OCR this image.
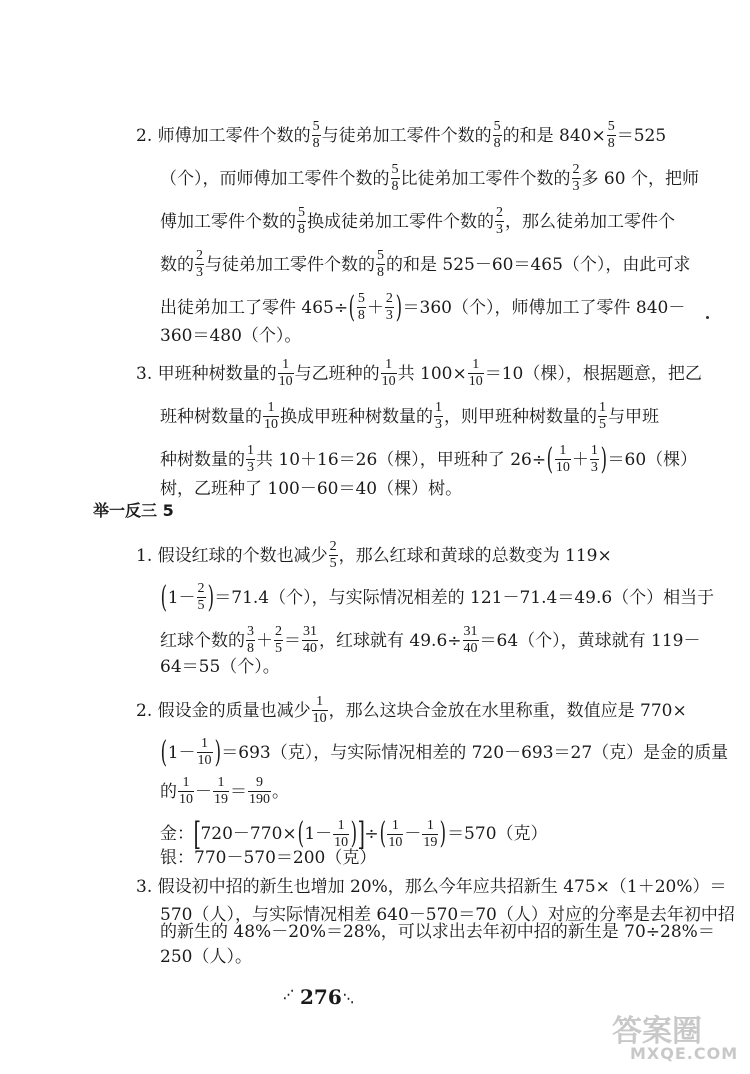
2. 师傅加工零件个数的 $\frac{5}{8}$ 与徒弟加工零件个数的 $\frac{5}{8}$ 的和是 $840\times \frac{5}{8} =525$
（个），而师傅加工零件个数的 $\frac{5}{8}$ 比徒弟加工零件个数的 $\frac{2}{3}$ 多 60 个，把师
傅加工零件个数的 $\frac{5}{8}$ 换成徒弟加工零件个数的 $\frac{2}{3}$ ，那么徒弟加工零件个
数的 $\frac{2}{3}$ 与徒弟加工零件个数的 $\frac{5}{8}$ 的和是 525－60＝465（个），由此可求
出徒弟加工了零件 465÷ ( $\frac{5}{8} + \frac{2}{3}$ ) ＝360（个），师傅加工了零件 840－
360＝480（个）。
3. 甲班种树数量的 $\frac{1}{10}$ 与乙班种的 $\frac{1}{10}$ 共 $100\times \frac{1}{10} =10$（棵），根据题意，把乙
班种树数量的 $\frac{1}{10}$ 换成甲班种树数量的 $\frac{1}{3}$ ，则甲班种树数量的 $\frac{1}{5}$ 与甲班
种树数量的 $\frac{1}{3}$ 共 10＋16＝26（棵），甲班种了 26÷ ( $\frac{1}{10} + \frac{1}{3}$ ) ＝60（棵）
树，乙班种了 100－60＝40（棵）树。
举一反三 5
1. 假设红球的个数也减少 $\frac{2}{5}$ ，那么红球和黄球的总数变为 119×
( $1- \frac{2}{5}$ ) ＝71.4（个），与实际情况相差的 121－71.4＝49.6（个）相当于
红球个数的 $\frac{3}{8} + \frac{2}{5} = \frac{31}{40}$ ，红球就有 $49.6\div \frac{31}{40} =64$（个），黄球就有 119－
64＝55（个）。
2. 假设金的质量也减少 $\frac{1}{10}$ ，那么这块合金放在水里称重，数值应是 770×
( $1- \frac{1}{10}$ ) ＝693（克），与实际情况相差的 720－693＝27（克）是金的质量
的 $\frac{1}{10} - \frac{1}{19} = \frac{9}{190}$ 。
金： [ 720－770× ( $1- \frac{1}{10}$ ) ] ÷ ( $\frac{1}{10} - \frac{1}{19}$ ) ＝570（克）
银：770－570＝200（克）
3. 假设初中招的新生也增加 20%，那么今年应共招新生 475×（1＋20%）＝
570（人），与实际情况相差 640－570＝70（人）对应的分率是去年初中招
的新生的 48%－20%＝28%，可以求出去年初中招的新生是 70÷28%＝
250（人）。
⋰ 276 ⋱
答案圈
MXQE.COM
